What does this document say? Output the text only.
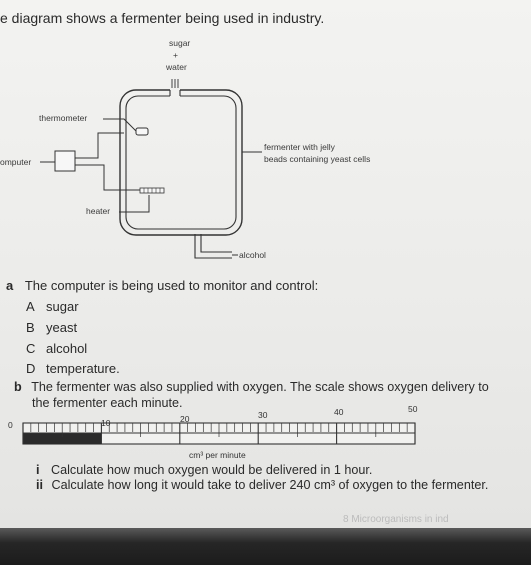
e diagram shows a fermenter being used in industry.
sugar
+
water
thermometer
omputer
heater
fermenter with jelly
beads containing yeast cells
alcohol
a The computer is being used to monitor and control:
A sugar
B yeast
C alcohol
D temperature.
b The fermenter was also supplied with oxygen. The scale shows oxygen delivery to
the fermenter each minute.
0	10	20	30	40	50
cm³ per minute
i Calculate how much oxygen would be delivered in 1 hour.
ii Calculate how long it would take to deliver 240 cm³ of oxygen to the fermenter.
8 Microorganisms in ind
